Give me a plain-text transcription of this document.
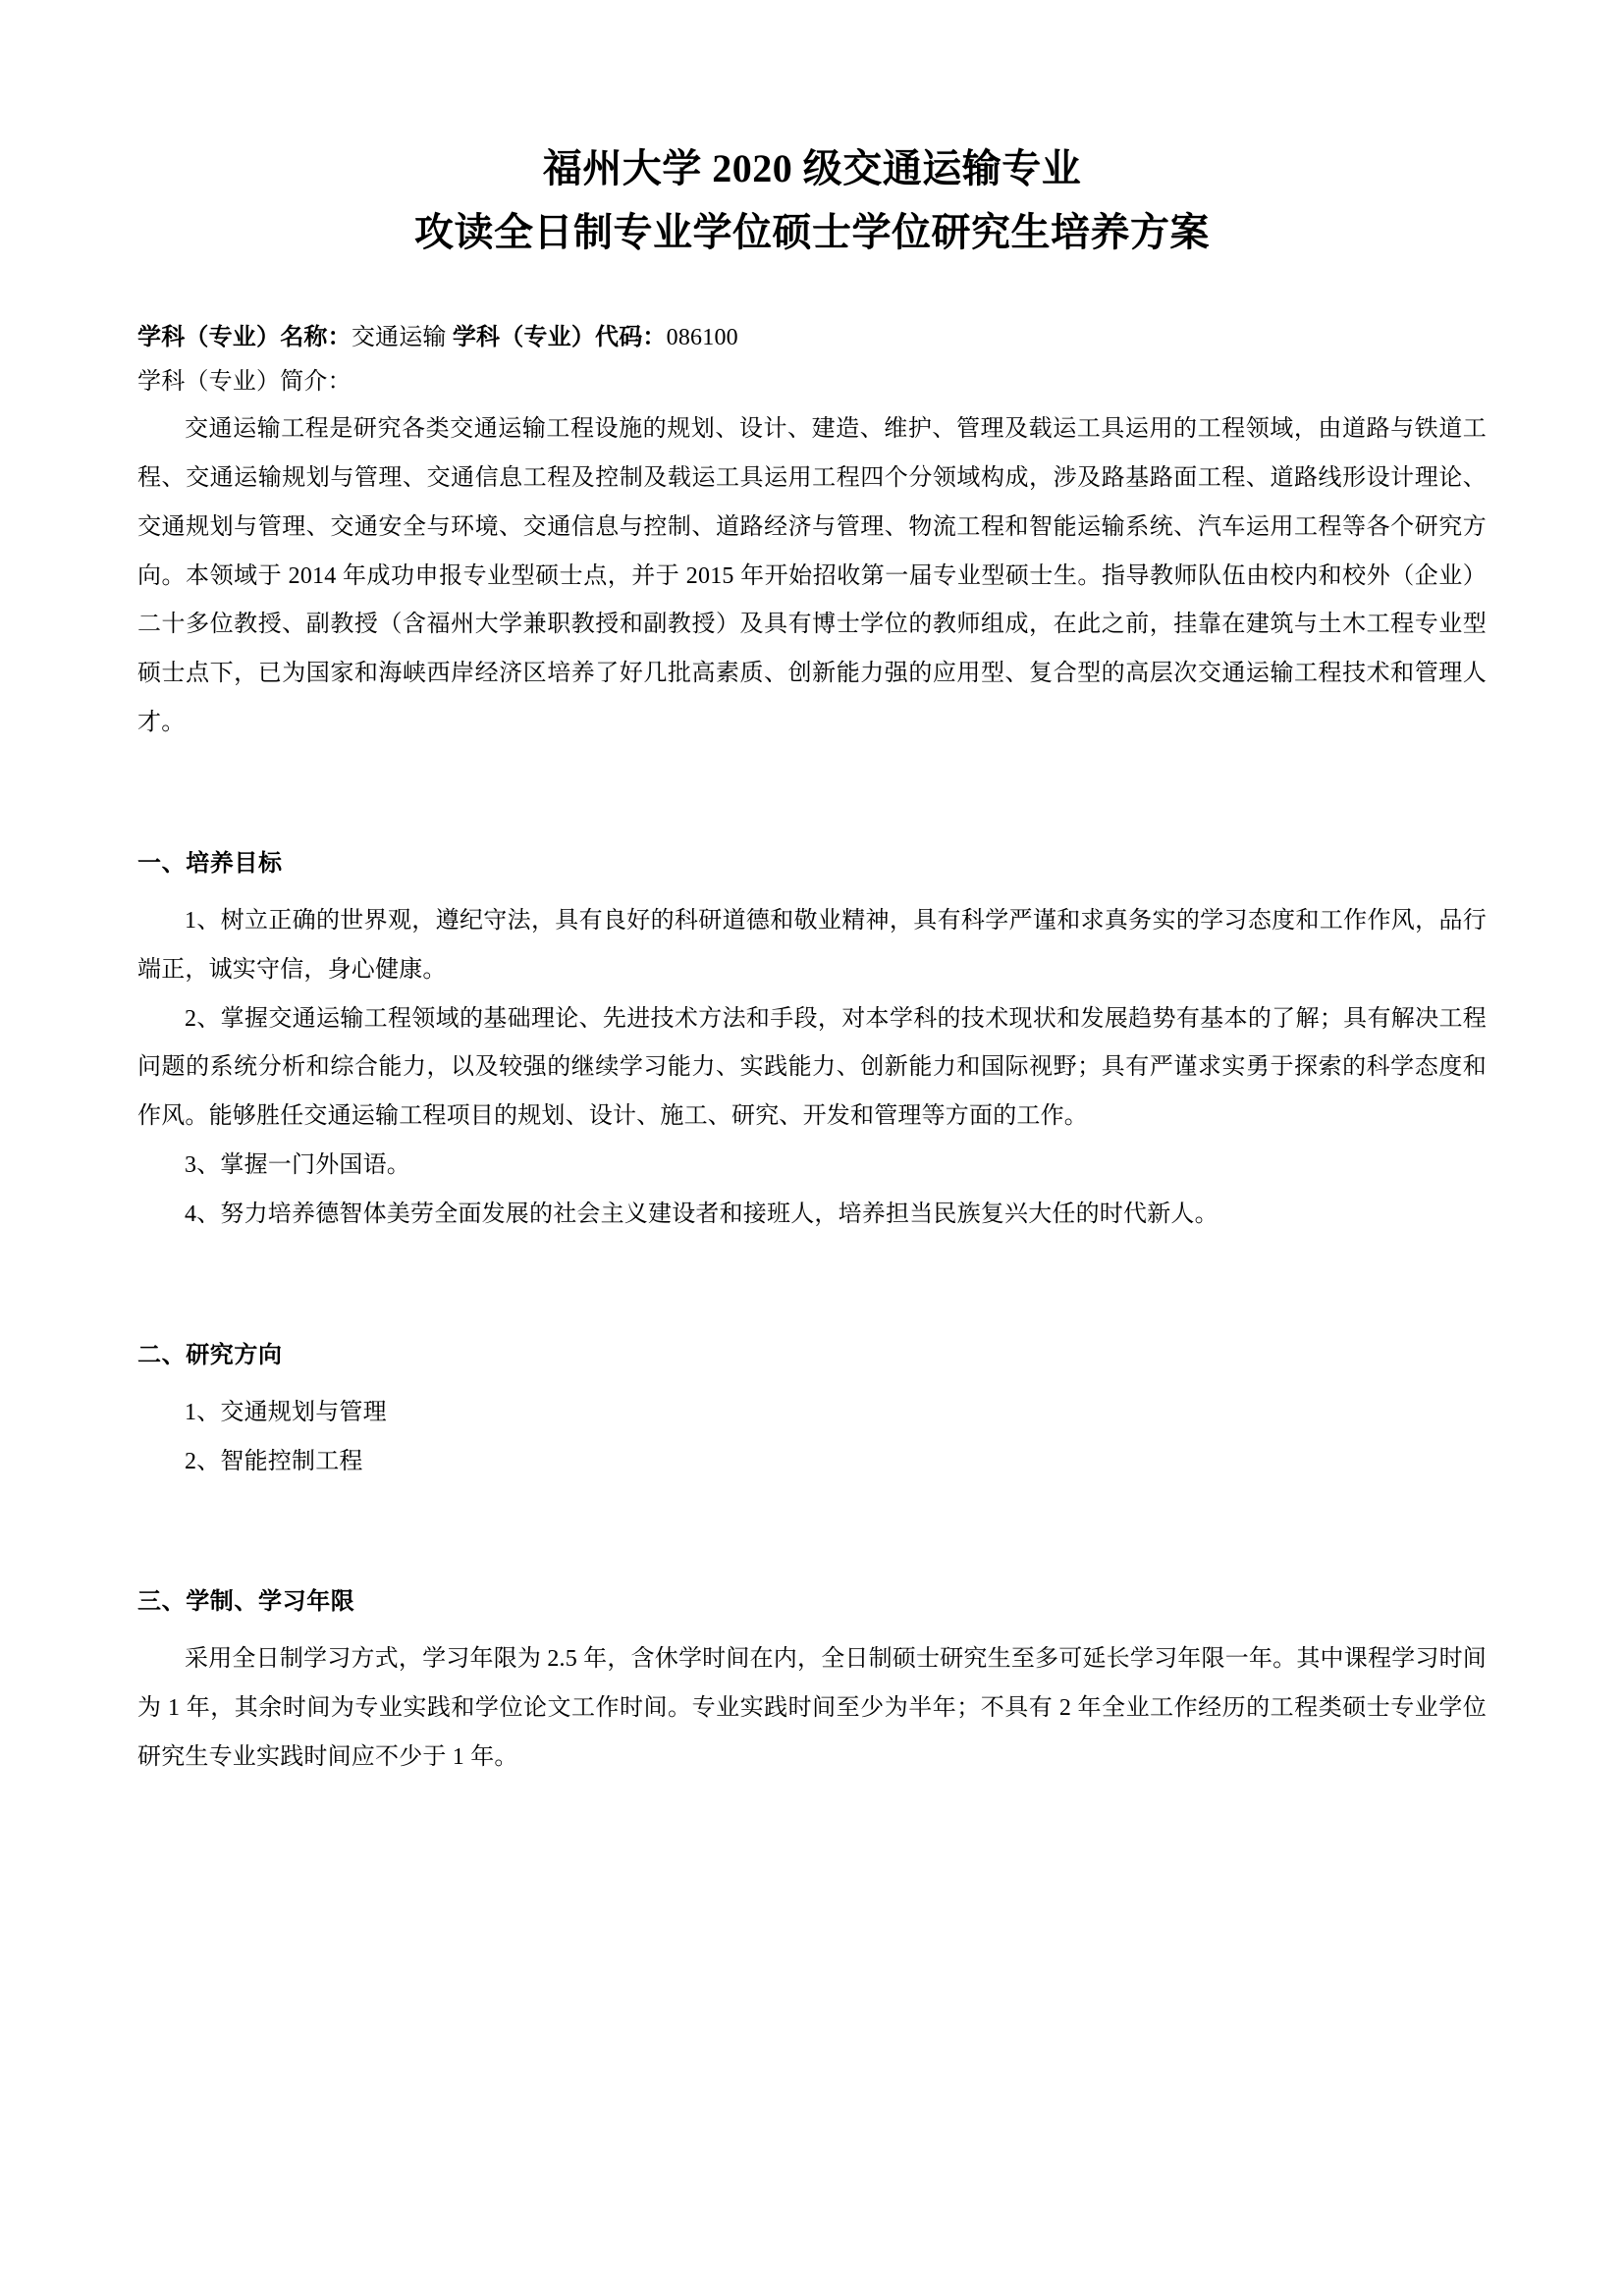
福州大学 2020 级交通运输专业
攻读全日制专业学位硕士学位研究生培养方案

学科（专业）名称：交通运输 学科（专业）代码：086100

学科（专业）简介：

交通运输工程是研究各类交通运输工程设施的规划、设计、建造、维护、管理及载运工具运用的工程领域，由道路与铁道工程、交通运输规划与管理、交通信息工程及控制及载运工具运用工程四个分领域构成，涉及路基路面工程、道路线形设计理论、交通规划与管理、交通安全与环境、交通信息与控制、道路经济与管理、物流工程和智能运输系统、汽车运用工程等各个研究方向。本领域于 2014 年成功申报专业型硕士点，并于 2015 年开始招收第一届专业型硕士生。指导教师队伍由校内和校外（企业）二十多位教授、副教授（含福州大学兼职教授和副教授）及具有博士学位的教师组成，在此之前，挂靠在建筑与土木工程专业型硕士点下，已为国家和海峡西岸经济区培养了好几批高素质、创新能力强的应用型、复合型的高层次交通运输工程技术和管理人才。

一、培养目标

1、树立正确的世界观，遵纪守法，具有良好的科研道德和敬业精神，具有科学严谨和求真务实的学习态度和工作作风，品行端正，诚实守信，身心健康。

2、掌握交通运输工程领域的基础理论、先进技术方法和手段，对本学科的技术现状和发展趋势有基本的了解；具有解决工程问题的系统分析和综合能力，以及较强的继续学习能力、实践能力、创新能力和国际视野；具有严谨求实勇于探索的科学态度和作风。能够胜任交通运输工程项目的规划、设计、施工、研究、开发和管理等方面的工作。

3、掌握一门外国语。

4、努力培养德智体美劳全面发展的社会主义建设者和接班人，培养担当民族复兴大任的时代新人。

二、研究方向

1、交通规划与管理

2、智能控制工程

三、学制、学习年限

采用全日制学习方式，学习年限为 2.5 年，含休学时间在内，全日制硕士研究生至多可延长学习年限一年。其中课程学习时间为 1 年，其余时间为专业实践和学位论文工作时间。专业实践时间至少为半年；不具有 2 年全业工作经历的工程类硕士专业学位研究生专业实践时间应不少于 1 年。
